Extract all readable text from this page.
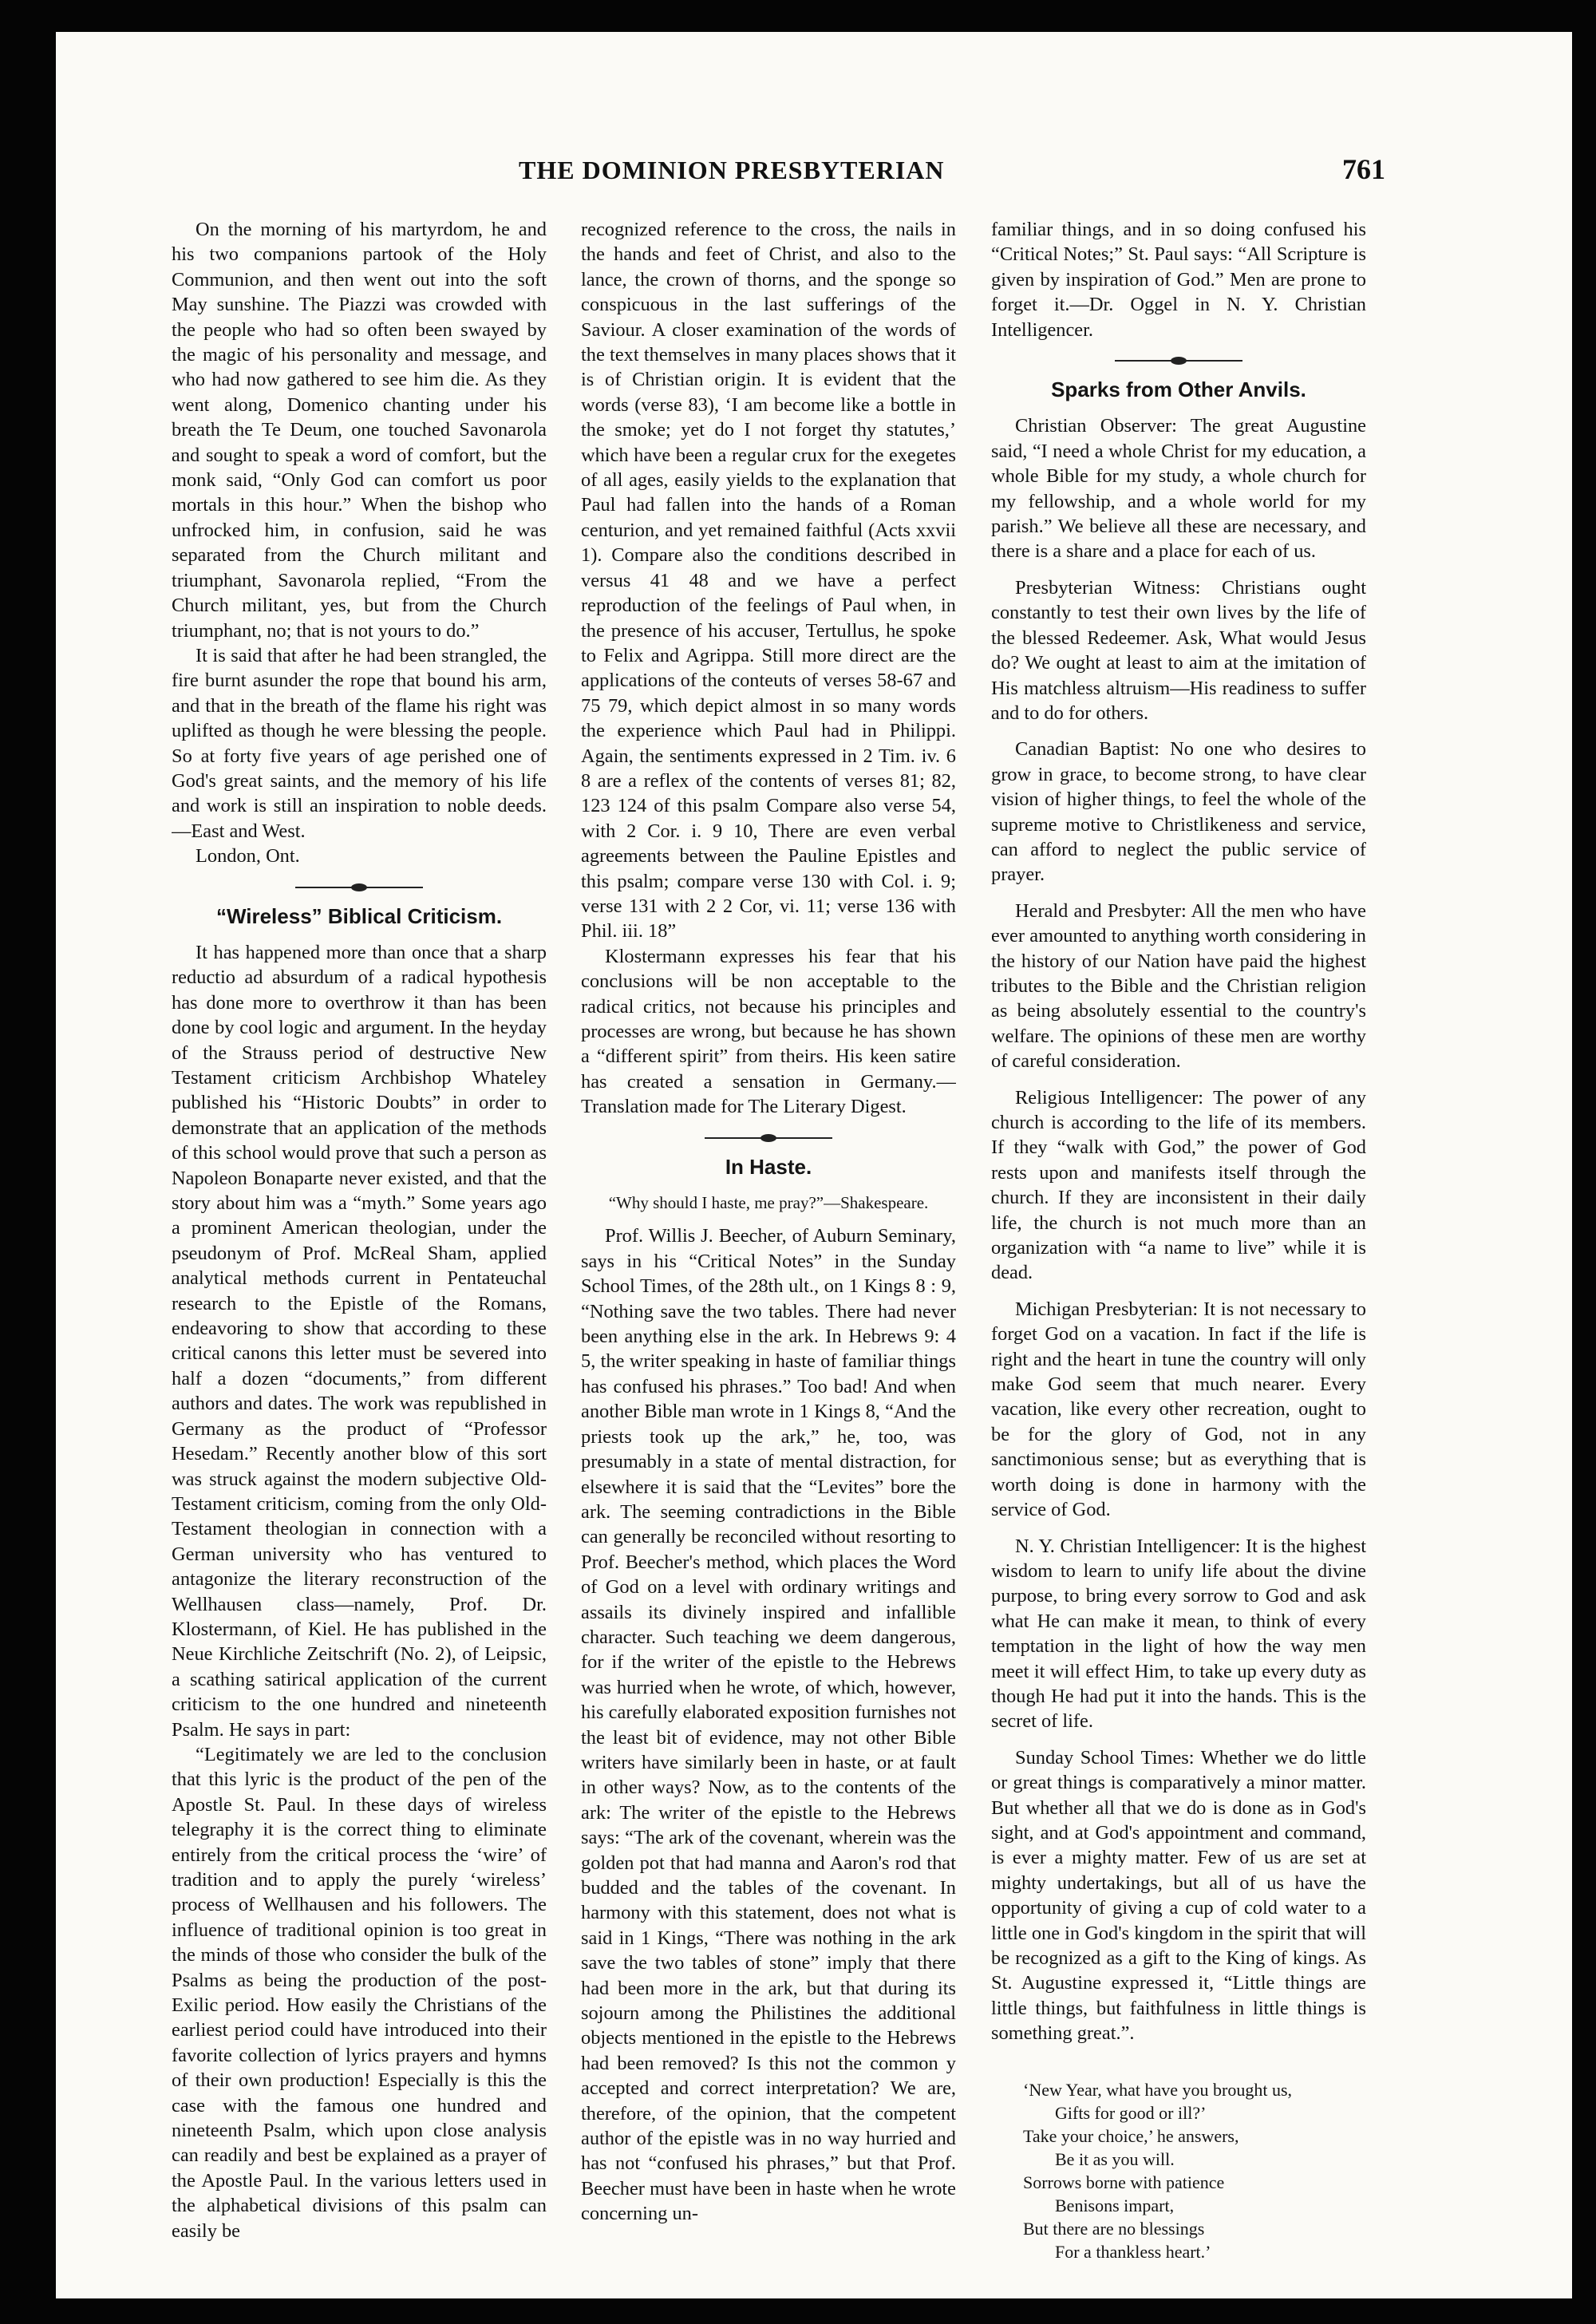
THE DOMINION PRESBYTERIAN	761

On the morning of his martyrdom, he and his two companions partook of the Holy Communion, and then went out into the soft May sunshine. The Piazzi was crowded with the people who had so often been swayed by the magic of his personality and message, and who had now gathered to see him die. As they went along, Domenico chanting under his breath the Te Deum, one touched Savonarola and sought to speak a word of comfort, but the monk said, “Only God can comfort us poor mortals in this hour.” When the bishop who unfrocked him, in confusion, said he was separated from the Church militant and triumphant, Savonarola replied, “From the Church militant, yes, but from the Church triumphant, no; that is not yours to do.”

It is said that after he had been strangled, the fire burnt asunder the rope that bound his arm, and that in the breath of the flame his right was uplifted as though he were blessing the people. So at forty five years of age perished one of God's great saints, and the memory of his life and work is still an inspiration to noble deeds.—East and West.

London, Ont.

“Wireless” Biblical Criticism.

It has happened more than once that a sharp reductio ad absurdum of a radical hypothesis has done more to overthrow it than has been done by cool logic and argument. In the heyday of the Strauss period of destructive New Testament criticism Archbishop Whateley published his “Historic Doubts” in order to demonstrate that an application of the methods of this school would prove that such a person as Napoleon Bonaparte never existed, and that the story about him was a “myth.” Some years ago a prominent American theologian, under the pseudonym of Prof. McReal Sham, applied analytical methods current in Pentateuchal research to the Epistle of the Romans, endeavoring to show that according to these critical canons this letter must be severed into half a dozen “documents,” from different authors and dates. The work was republished in Germany as the product of “Professor Hesedam.” Recently another blow of this sort was struck against the modern subjective Old-Testament criticism, coming from the only Old-Testament theologian in connection with a German university who has ventured to antagonize the literary reconstruction of the Wellhausen class—namely, Prof. Dr. Klostermann, of Kiel. He has published in the Neue Kirchliche Zeitschrift (No. 2), of Leipsic, a scathing satirical application of the current criticism to the one hundred and nineteenth Psalm. He says in part:

“Legitimately we are led to the conclusion that this lyric is the product of the pen of the Apostle St. Paul. In these days of wireless telegraphy it is the correct thing to eliminate entirely from the critical process the ‘wire’ of tradition and to apply the purely ‘wireless’ process of Wellhausen and his followers. The influence of traditional opinion is too great in the minds of those who consider the bulk of the Psalms as being the production of the post-Exilic period. How easily the Christians of the earliest period could have introduced into their favorite collection of lyrics prayers and hymns of their own production! Especially is this the case with the famous one hundred and nineteenth Psalm, which upon close analysis can readily and best be explained as a prayer of the Apostle Paul. In the various letters used in the alphabetical divisions of this psalm can easily be

recognized reference to the cross, the nails in the hands and feet of Christ, and also to the lance, the crown of thorns, and the sponge so conspicuous in the last sufferings of the Saviour. A closer examination of the words of the text themselves in many places shows that it is of Christian origin. It is evident that the words (verse 83), ‘I am become like a bottle in the smoke; yet do I not forget thy statutes,’ which have been a regular crux for the exegetes of all ages, easily yields to the explanation that Paul had fallen into the hands of a Roman centurion, and yet remained faithful (Acts xxvii 1). Compare also the conditions described in versus 41 48 and we have a perfect reproduction of the feelings of Paul when, in the presence of his accuser, Tertullus, he spoke to Felix and Agrippa. Still more direct are the applications of the conteuts of verses 58-67 and 75 79, which depict almost in so many words the experience which Paul had in Philippi. Again, the sentiments expressed in 2 Tim. iv. 6 8 are a reflex of the contents of verses 81; 82, 123 124 of this psalm Compare also verse 54, with 2 Cor. i. 9 10, There are even verbal agreements between the Pauline Epistles and this psalm; compare verse 130 with Col. i. 9; verse 131 with 2 2 Cor, vi. 11; verse 136 with Phil. iii. 18”

Klostermann expresses his fear that his conclusions will be non acceptable to the radical critics, not because his principles and processes are wrong, but because he has shown a “different spirit” from theirs. His keen satire has created a sensation in Germany.—Translation made for The Literary Digest.

In Haste.
“Why should I haste, me pray?”—Shakespeare.

Prof. Willis J. Beecher, of Auburn Seminary, says in his “Critical Notes” in the Sunday School Times, of the 28th ult., on 1 Kings 8 : 9, “Nothing save the two tables. There had never been anything else in the ark. In Hebrews 9: 4 5, the writer speaking in haste of familiar things has confused his phrases.” Too bad! And when another Bible man wrote in 1 Kings 8, “And the priests took up the ark,” he, too, was presumably in a state of mental distraction, for elsewhere it is said that the “Levites” bore the ark. The seeming contradictions in the Bible can generally be reconciled without resorting to Prof. Beecher's method, which places the Word of God on a level with ordinary writings and assails its divinely inspired and infallible character. Such teaching we deem dangerous, for if the writer of the epistle to the Hebrews was hurried when he wrote, of which, however, his carefully elaborated exposition furnishes not the least bit of evidence, may not other Bible writers have similarly been in haste, or at fault in other ways? Now, as to the contents of the ark: The writer of the epistle to the Hebrews says: “The ark of the covenant, wherein was the golden pot that had manna and Aaron's rod that budded and the tables of the covenant. In harmony with this statement, does not what is said in 1 Kings, “There was nothing in the ark save the two tables of stone” imply that there had been more in the ark, but that during its sojourn among the Philistines the additional objects mentioned in the epistle to the Hebrews had been removed? Is this not the common y accepted and correct interpretation? We are, therefore, of the opinion, that the competent author of the epistle was in no way hurried and has not “confused his phrases,” but that Prof. Beecher must have been in haste when he wrote concerning un-

familiar things, and in so doing confused his “Critical Notes;” St. Paul says: “All Scripture is given by inspiration of God.” Men are prone to forget it.—Dr. Oggel in N. Y. Christian Intelligencer.

Sparks from Other Anvils.

Christian Observer: The great Augustine said, “I need a whole Christ for my education, a whole Bible for my study, a whole church for my fellowship, and a whole world for my parish.” We believe all these are necessary, and there is a share and a place for each of us.

Presbyterian Witness: Christians ought constantly to test their own lives by the life of the blessed Redeemer. Ask, What would Jesus do? We ought at least to aim at the imitation of His matchless altruism—His readiness to suffer and to do for others.

Canadian Baptist: No one who desires to grow in grace, to become strong, to have clear vision of higher things, to feel the whole of the supreme motive to Christlikeness and service, can afford to neglect the public service of prayer.

Herald and Presbyter: All the men who have ever amounted to anything worth considering in the history of our Nation have paid the highest tributes to the Bible and the Christian religion as being absolutely essential to the country's welfare. The opinions of these men are worthy of careful consideration.

Religious Intelligencer: The power of any church is according to the life of its members. If they “walk with God,” the power of God rests upon and manifests itself through the church. If they are inconsistent in their daily life, the church is not much more than an organization with “a name to live” while it is dead.

Michigan Presbyterian: It is not necessary to forget God on a vacation. In fact if the life is right and the heart in tune the country will only make God seem that much nearer. Every vacation, like every other recreation, ought to be for the glory of God, not in any sanctimonious sense; but as everything that is worth doing is done in harmony with the service of God.

N. Y. Christian Intelligencer: It is the highest wisdom to learn to unify life about the divine purpose, to bring every sorrow to God and ask what He can make it mean, to think of every temptation in the light of how the way men meet it will effect Him, to take up every duty as though He had put it into the hands. This is the secret of life.

Sunday School Times: Whether we do little or great things is comparatively a minor matter. But whether all that we do is done as in God's sight, and at God's appointment and command, is ever a mighty matter. Few of us are set at mighty undertakings, but all of us have the opportunity of giving a cup of cold water to a little one in God's kingdom in the spirit that will be recognized as a gift to the King of kings. As St. Augustine expressed it, “Little things are little things, but faithfulness in little things is something great.”.

‘New Year, what have you brought us,
Gifts for good or ill?’
Take your choice,’ he answers,
Be it as you will.
Sorrows borne with patience
Benisons impart,
But there are no blessings
For a thankless heart.’
